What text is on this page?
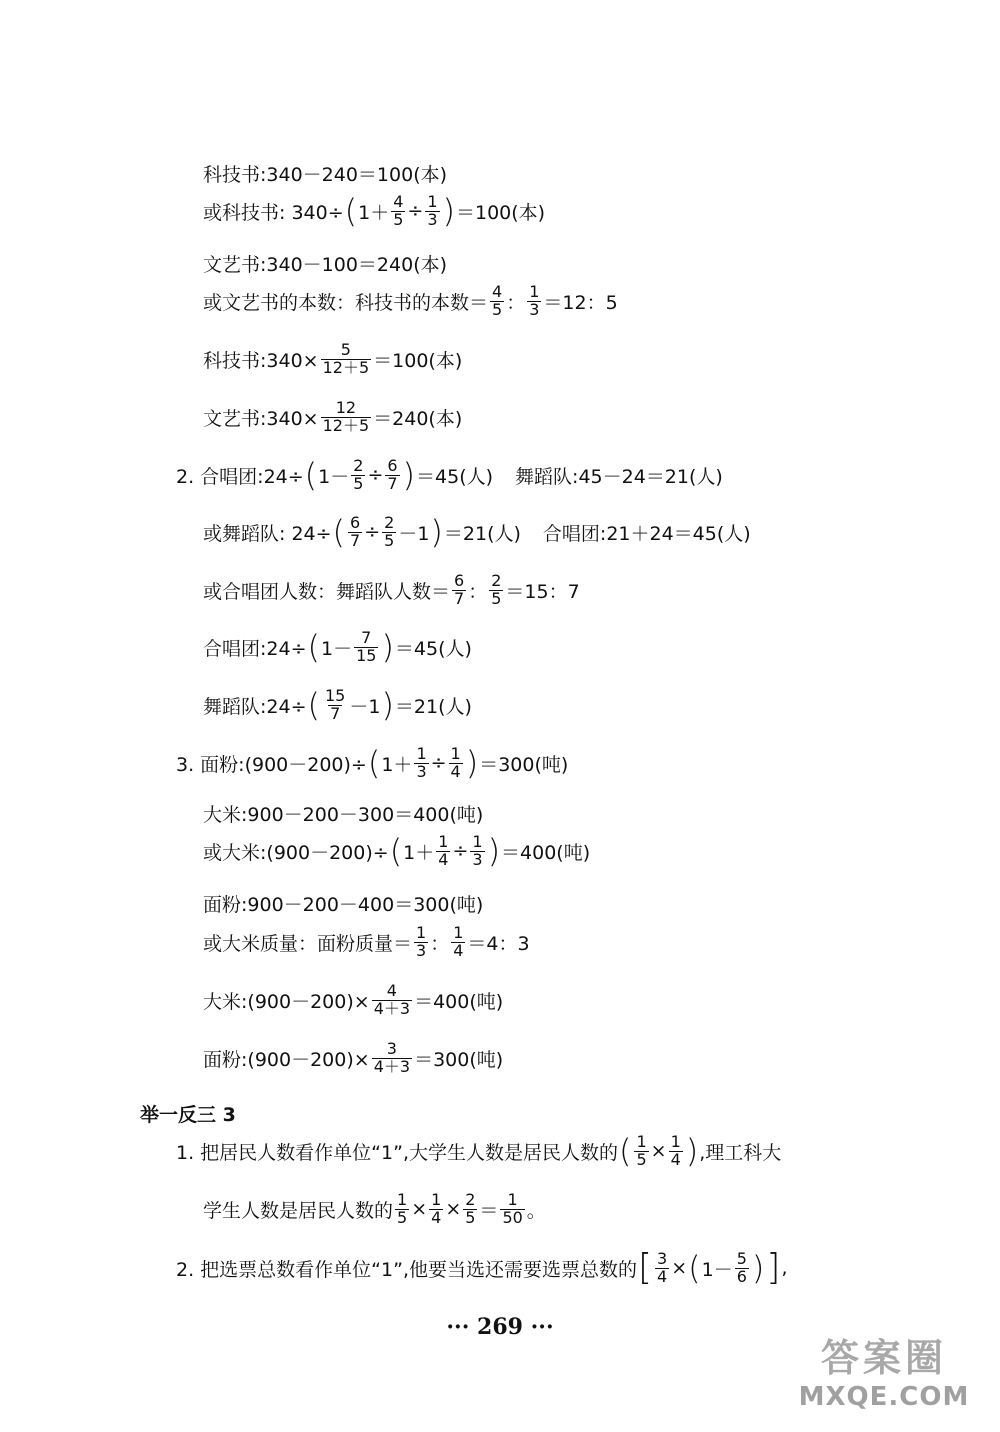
科技书:340－240＝100(本)
或科技书: 340÷ ( $1+ \frac{4}{5} \div \frac{1}{3}$ ) ＝100(本)
文艺书:340－100＝240(本)
或文艺书的本数：科技书的本数＝ $\frac{4}{5}$ ： $\frac{1}{3} =12$：5
科技书:340× $\frac{5}{12+5} =100$(本)
文艺书:340× $\frac{12}{12+5} =240$(本)
2. 合唱团:24÷ ( $1- \frac{2}{5} \div \frac{6}{7}$ ) ＝45(人) 舞蹈队:45－24＝21(人)
或舞蹈队: 24÷ ( $\frac{6}{7} \div \frac{2}{5} -1$ ) ＝21(人) 合唱团:21＋24＝45(人)
或合唱团人数：舞蹈队人数＝ $\frac{6}{7}$ ： $\frac{2}{5} =15$：7
合唱团:24÷ ( $1- \frac{7}{15}$ ) ＝45(人)
舞蹈队:24÷ ( $\frac{15}{7} -1$ ) ＝21(人)
3. 面粉:(900－200)÷ ( $1+ \frac{1}{3} \div \frac{1}{4}$ ) ＝300(吨)
大米:900－200－300＝400(吨)
或大米:(900－200)÷ ( $1+ \frac{1}{4} \div \frac{1}{3}$ ) ＝400(吨)
面粉:900－200－400＝300(吨)
或大米质量：面粉质量＝ $\frac{1}{3}$ ： $\frac{1}{4} =4$：3
大米:(900－200)× $\frac{4}{4+3} =400$(吨)
面粉:(900－200)× $\frac{3}{4+3} =300$(吨)
举一反三 3
1. 把居民人数看作单位“1”,大学生人数是居民人数的 ( $\frac{1}{5} \times \frac{1}{4}$ ) ,理工科大
学生人数是居民人数的 $\frac{1}{5} \times \frac{1}{4} \times \frac{2}{5} = \frac{1}{50}$ 。
2. 把选票总数看作单位“1”,他要当选还需要选票总数的 [ $\frac{3}{4}$ × ( $1- \frac{5}{6}$ ) ] ,
··· 269 ···
答案圈
MXQE.COM
